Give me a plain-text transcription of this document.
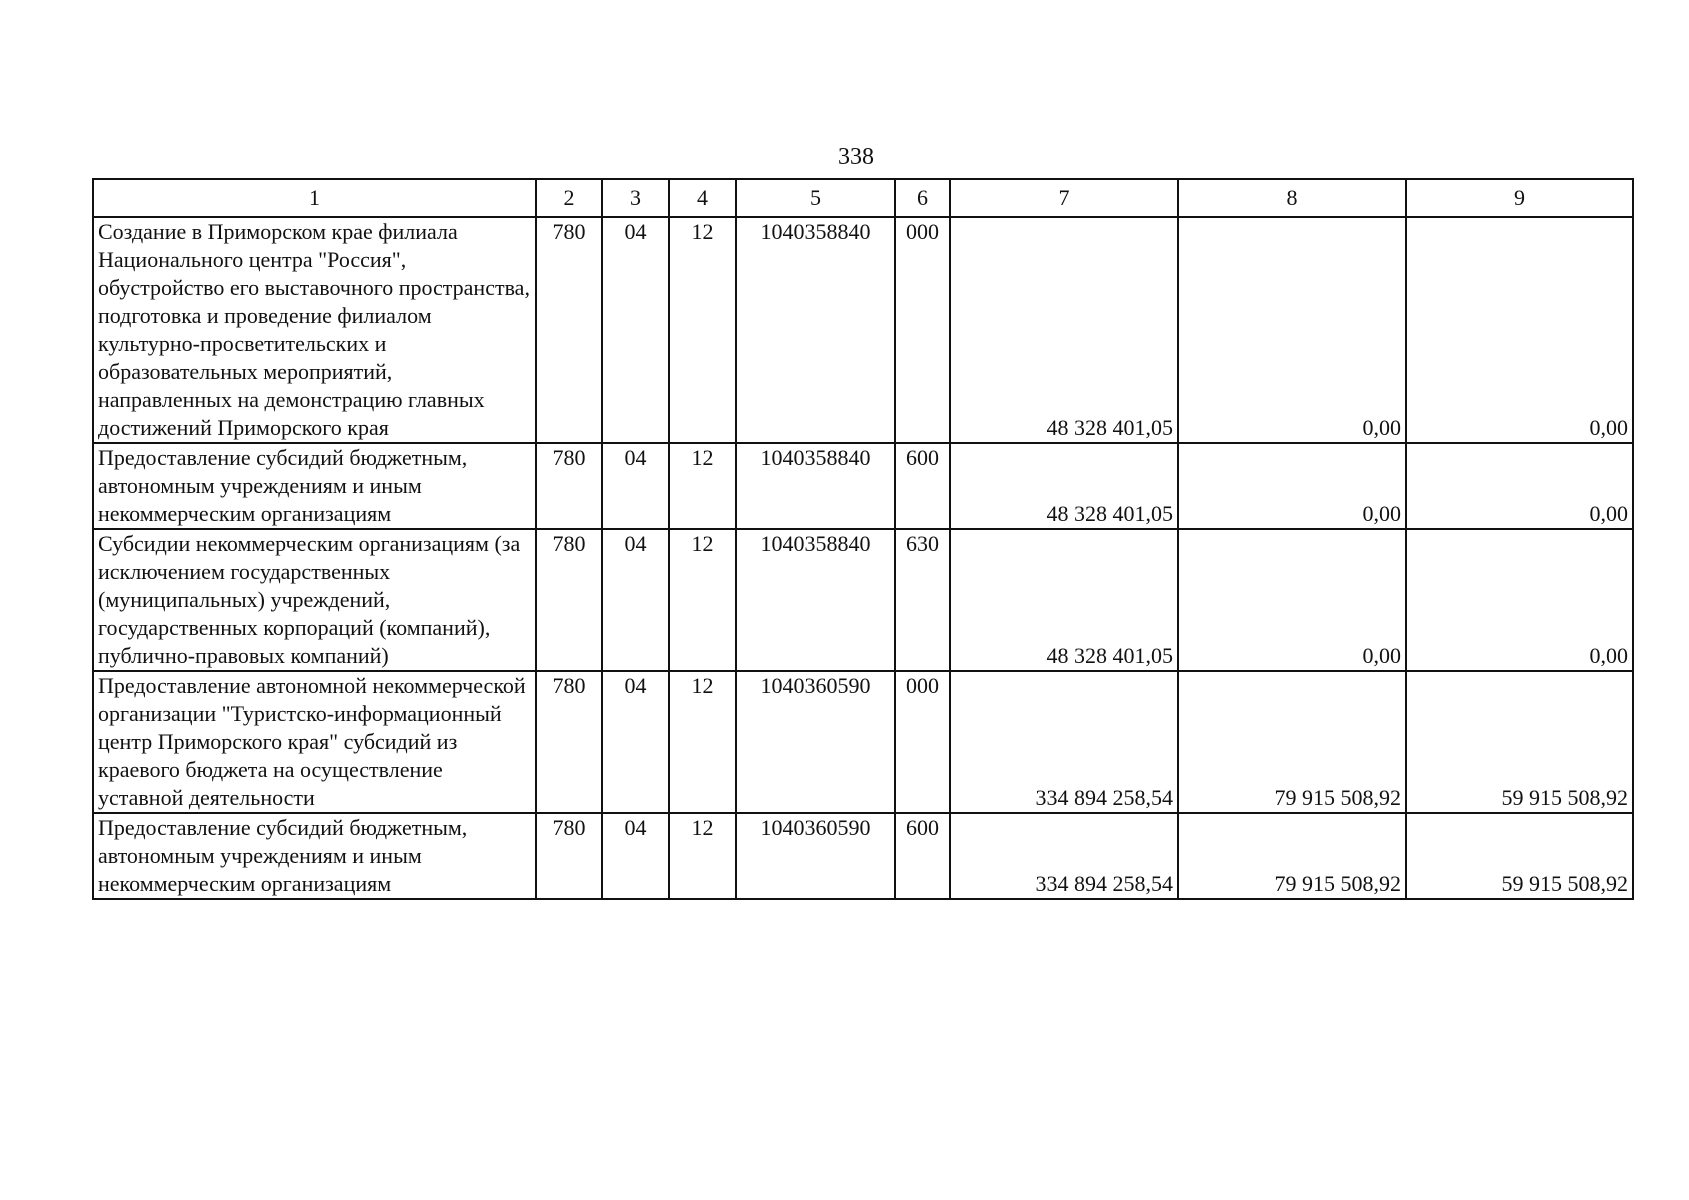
338
1	2	3	4	5	6	7	8	9
Создание в Приморском крае филиала Национального центра "Россия", обустройство его выставочного пространства, подготовка и проведение филиалом культурно-просветительских и образовательных мероприятий, направленных на демонстрацию главных достижений Приморского края	780	04	12	1040358840	000	48 328 401,05	0,00	0,00
Предоставление субсидий бюджетным, автономным учреждениям и иным некоммерческим организациям	780	04	12	1040358840	600	48 328 401,05	0,00	0,00
Субсидии некоммерческим организациям (за исключением государственных (муниципальных) учреждений, государственных корпораций (компаний), публично-правовых компаний)	780	04	12	1040358840	630	48 328 401,05	0,00	0,00
Предоставление автономной некоммерческой организации "Туристско-информационный центр Приморского края" субсидий из краевого бюджета на осуществление уставной деятельности	780	04	12	1040360590	000	334 894 258,54	79 915 508,92	59 915 508,92
Предоставление субсидий бюджетным, автономным учреждениям и иным некоммерческим организациям	780	04	12	1040360590	600	334 894 258,54	79 915 508,92	59 915 508,92
